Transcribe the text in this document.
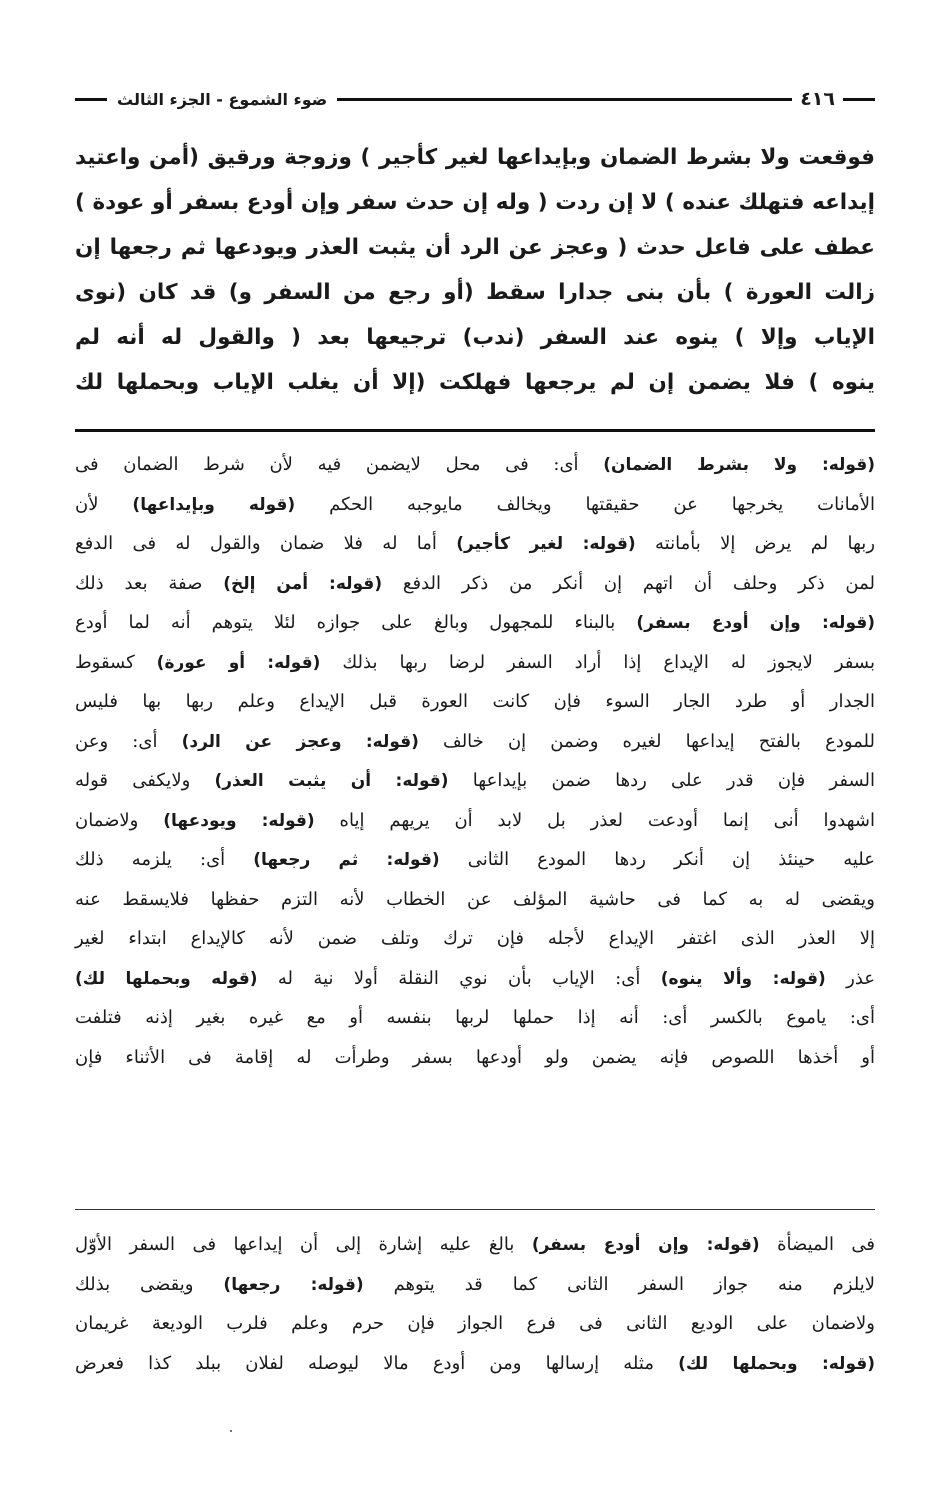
٤١٦
ضوء الشموع - الجزء الثالث
فوقعت ولا بشرط الضمان وبإيداعها لغير كأجير ) وزوجة ورقيق (أمن واعتيد
إيداعه فتهلك عنده ) لا إن ردت ( وله إن حدث سفر وإن أودع بسفر أو عودة )
عطف على فاعل حدث ( وعجز عن الرد أن يثبت العذر ويودعها ثم رجعها إن
زالت العورة ) بأن بنى جدارا سقط (أو رجع من السفر و) قد كان (نوى
الإياب وإلا ) ينوه عند السفر (ندب) ترجيعها بعد ( والقول له أنه لم
ينوه ) فلا يضمن إن لم يرجعها فهلكت (إلا أن يغلب الإياب وبحملها لك
(قوله: ولا بشرط الضمان) أى: فى محل لايضمن فيه لأن شرط الضمان فى
الأمانات يخرجها عن حقيقتها ويخالف مايوجبه الحكم (قوله وبإيداعها) لأن
ربها لم يرض إلا بأمانته (قوله: لغير كأجير) أما له فلا ضمان والقول له فى الدفع
لمن ذكر وحلف أن اتهم إن أنكر من ذكر الدفع (قوله: أمن إلخ) صفة بعد ذلك
(قوله: وإن أودع بسفر) بالبناء للمجهول وبالغ على جوازه لئلا يتوهم أنه لما أودع
بسفر لايجوز له الإيداع إذا أراد السفر لرضا ربها بذلك (قوله: أو عورة) كسقوط
الجدار أو طرد الجار السوء فإن كانت العورة قبل الإيداع وعلم ربها بها فليس
للمودع بالفتح إيداعها لغيره وضمن إن خالف (قوله: وعجز عن الرد) أى: وعن
السفر فإن قدر على ردها ضمن بإيداعها (قوله: أن يثبت العذر) ولايكفى قوله
اشهدوا أنى إنما أودعت لعذر بل لابد أن يريهم إياه (قوله: ويودعها) ولاضمان
عليه حينئذ إن أنكر ردها المودع الثانى (قوله: ثم رجعها) أى: يلزمه ذلك
ويقضى له به كما فى حاشية المؤلف عن الخطاب لأنه التزم حفظها فلايسقط عنه
إلا العذر الذى اغتفر الإيداع لأجله فإن ترك وتلف ضمن لأنه كالإيداع ابتداء لغير
عذر (قوله: وألا ينوه) أى: الإياب بأن نوي النقلة أولا نية له (قوله وبحملها لك)
أى: ياموع بالكسر أى: أنه إذا حملها لربها بنفسه أو مع غيره بغير إذنه فتلفت
أو أخذها اللصوص فإنه يضمن ولو أودعها بسفر وطرأت له إقامة فى الأثناء فإن
فى الميضأة (قوله: وإن أودع بسفر) بالغ عليه إشارة إلى أن إيداعها فى السفر الأوّل
لايلزم منه جواز السفر الثانى كما قد يتوهم (قوله: رجعها) ويقضى بذلك
ولاضمان على الوديع الثانى فى فرع الجواز فإن حرم وعلم فلرب الوديعة غريمان
(قوله: وبحملها لك) مثله إرسالها ومن أودع مالا ليوصله لفلان ببلد كذا فعرض
